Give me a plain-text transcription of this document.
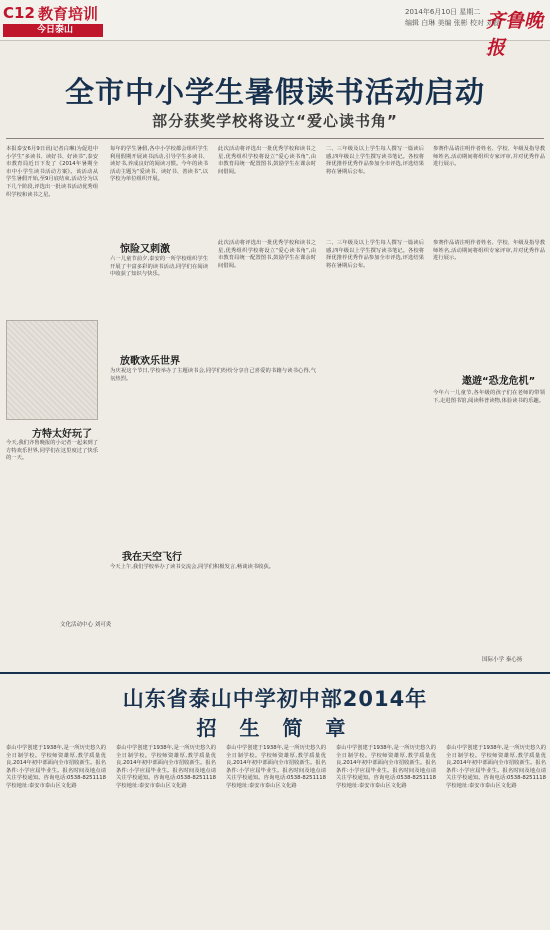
C12 教育培训
今日泰山
2014年6月10日 星期二
编辑 白琳 美编 张彬 校对 刘磊
齐鲁晚报
全市中小学生暑假读书活动启动
部分获奖学校将设立“爱心读书角”
本报泰安6月9日讯(记者白琳)为促进中小学生“多读书、读好书、好读书”,泰安市教育局近日下发了《2014年暑期全市中小学生读书活动方案》。该活动从学生暑假开始,至9月底结束,活动分为以下几个阶段,评选出一批读书活动优秀组织学校和读书之星。
每年的学生暑假,各中小学校都会组织学生利用假期开展读书活动,引导学生多读书、读好书,养成良好的阅读习惯。今年的读书活动主题为“爱读书、读好书、善读书”,以学校为单位组织开展。
此次活动将评选出一批优秀学校和读书之星,优秀组织学校将设立“爱心读书角”,由市教育局统一配置图书,鼓励学生在课余时间借阅。
二、三年级及以上学生每人撰写一篇读后感,四年级以上学生撰写读书笔记。各校将择优推荐优秀作品参加全市评选,评选结果将在暑期后公布。
参赛作品请注明作者姓名、学校、年级及指导教师姓名,活动期间将组织专家评审,并对优秀作品进行展示。
方特太好玩了
今天,我们齐鲁晚报的小记者一起来到了方特欢乐世界,同学们在这里度过了快乐的一天。
惊险又刺激
六一儿童节前夕,泰安的一所学校组织学生开展了丰富多彩的读书活动,同学们在阅读中收获了知识与快乐。
放歌欢乐世界
为庆祝这个节日,学校举办了主题读书会,同学们纷纷分享自己喜爱的书籍与读书心得,气氛热烈。
我在天空飞行
今天上午,我们学校举办了读书交流会,同学们积极发言,畅谈读书收获。
文化活动中心 刘可炎
此次活动将评选出一批优秀学校和读书之星,优秀组织学校将设立“爱心读书角”,由市教育局统一配置图书,鼓励学生在课余时间借阅。
二、三年级及以上学生每人撰写一篇读后感,四年级以上学生撰写读书笔记。各校将择优推荐优秀作品参加全市评选,评选结果将在暑期后公布。
参赛作品请注明作者姓名、学校、年级及指导教师姓名,活动期间将组织专家评审,并对优秀作品进行展示。
遨遊“恐龙危机”
今年六一儿童节,各年级的孩子们在老师的带领下,走进图书馆,阅读科普读物,体验读书的乐趣。
国际小学 秦心扬
山东省泰山中学初中部2014年
招 生 简 章
泰山中学创建于1938年,是一所历史悠久的全日制学校。学校师资雄厚,教学质量优良,2014年初中部面向全市招收新生。报名条件:小学应届毕业生。报名时间及地点请关注学校通知。咨询电话:0538-8251118 学校地址:泰安市泰山区文化路
泰山中学创建于1938年,是一所历史悠久的全日制学校。学校师资雄厚,教学质量优良,2014年初中部面向全市招收新生。报名条件:小学应届毕业生。报名时间及地点请关注学校通知。咨询电话:0538-8251118 学校地址:泰安市泰山区文化路
泰山中学创建于1938年,是一所历史悠久的全日制学校。学校师资雄厚,教学质量优良,2014年初中部面向全市招收新生。报名条件:小学应届毕业生。报名时间及地点请关注学校通知。咨询电话:0538-8251118 学校地址:泰安市泰山区文化路
泰山中学创建于1938年,是一所历史悠久的全日制学校。学校师资雄厚,教学质量优良,2014年初中部面向全市招收新生。报名条件:小学应届毕业生。报名时间及地点请关注学校通知。咨询电话:0538-8251118 学校地址:泰安市泰山区文化路
泰山中学创建于1938年,是一所历史悠久的全日制学校。学校师资雄厚,教学质量优良,2014年初中部面向全市招收新生。报名条件:小学应届毕业生。报名时间及地点请关注学校通知。咨询电话:0538-8251118 学校地址:泰安市泰山区文化路
